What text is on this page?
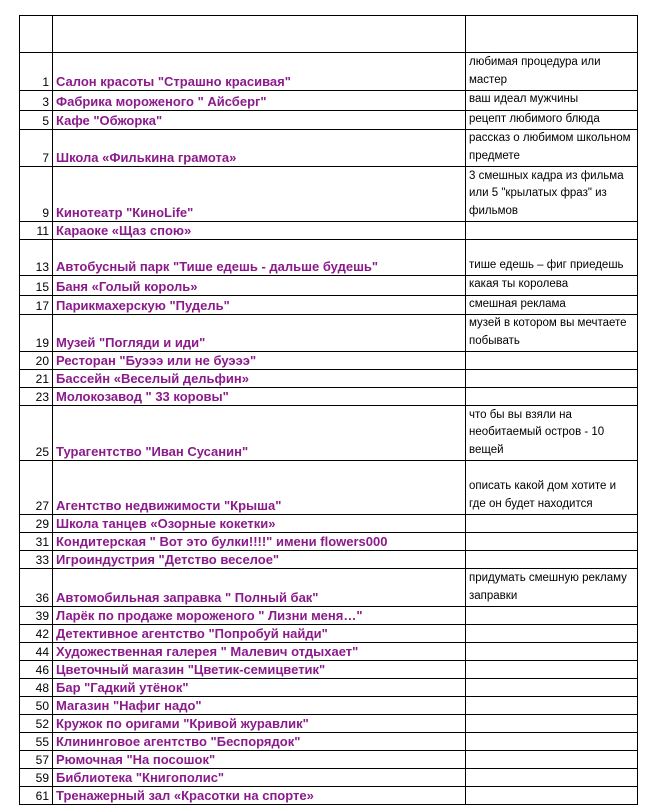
1	Салон красоты "Страшно красивая"	любимая процедура или мастер
3	Фабрика мороженого " Айсберг"	ваш идеал мужчины
5	Кафе "Обжорка"	рецепт любимого блюда
7	Школа «Филькина грамота»	рассказ о любимом школьном предмете
9	Кинотеатр "КиноLife"	3 смешных кадра из фильма или 5 "крылатых фраз" из фильмов
11	Караоке «Щаз спою»	
13	Автобусный парк "Тише едешь - дальше будешь"	тише едешь – фиг приедешь
15	Баня «Голый король»	какая ты королева
17	Парикмахерскую "Пудель"	смешная реклама
19	Музей "Погляди и иди"	музей в котором вы мечтаете побывать
20	Ресторан "Буэээ или не буэээ"	
21	Бассейн «Веселый дельфин»	
23	Молокозавод " 33 коровы"	
25	Турагентство "Иван Сусанин"	что бы вы взяли на необитаемый остров - 10 вещей
27	Агентство недвижимости "Крыша"	описать какой дом хотите и где он будет находится
29	Школа танцев «Озорные кокетки»	
31	Кондитерская " Вот это булки!!!!" имени flowers000	
33	Игроиндустрия "Детство веселое"	
36	Автомобильная заправка " Полный бак"	придумать смешную рекламу заправки
39	Ларёк по продаже мороженого " Лизни меня…"	
42	Детективное агентство "Попробуй найди"	
44	Художественная галерея " Малевич отдыхает"	
46	Цветочный магазин "Цветик-семицветик"	
48	Бар "Гадкий утёнок"	
50	Магазин "Нафиг надо"	
52	Кружок по оригами "Кривой журавлик"	
55	Клининговое агентство "Беспорядок"	
57	Рюмочная "На посошок"	
59	Библиотека "Книгополис"	
61	Тренажерный зал «Красотки на спорте»	
